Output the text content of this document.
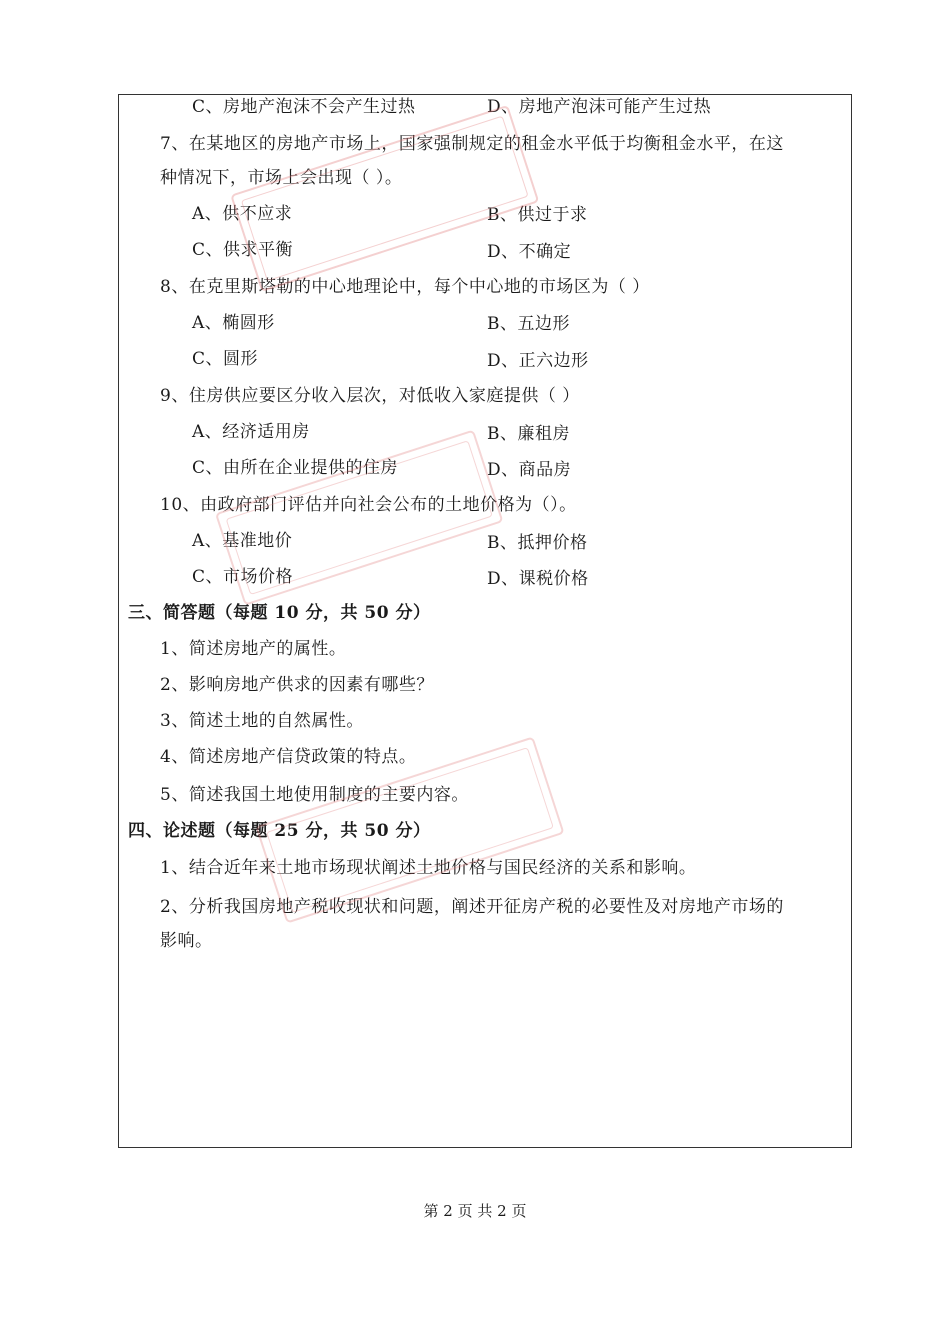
C、房地产泡沫不会产生过热	D、房地产泡沫可能产生过热
7、在某地区的房地产市场上，国家强制规定的租金水平低于均衡租金水平，在这
种情况下，市场上会出现（ ）。
A、供不应求	B、供过于求
C、供求平衡	D、不确定
8、在克里斯塔勒的中心地理论中，每个中心地的市场区为（ ）
A、椭圆形	B、五边形
C、圆形	D、正六边形
9、住房供应要区分收入层次，对低收入家庭提供（ ）
A、经济适用房	B、廉租房
C、由所在企业提供的住房	D、商品房
10、由政府部门评估并向社会公布的土地价格为（）。
A、基准地价	B、抵押价格
C、市场价格	D、课税价格
三、简答题（每题 10 分，共 50 分）
1、简述房地产的属性。
2、影响房地产供求的因素有哪些？
3、简述土地的自然属性。
4、简述房地产信贷政策的特点。
5、简述我国土地使用制度的主要内容。
四、论述题（每题 25 分，共 50 分）
1、结合近年来土地市场现状阐述土地价格与国民经济的关系和影响。
2、分析我国房地产税收现状和问题，阐述开征房产税的必要性及对房地产市场的
影响。
第 2 页 共 2 页
